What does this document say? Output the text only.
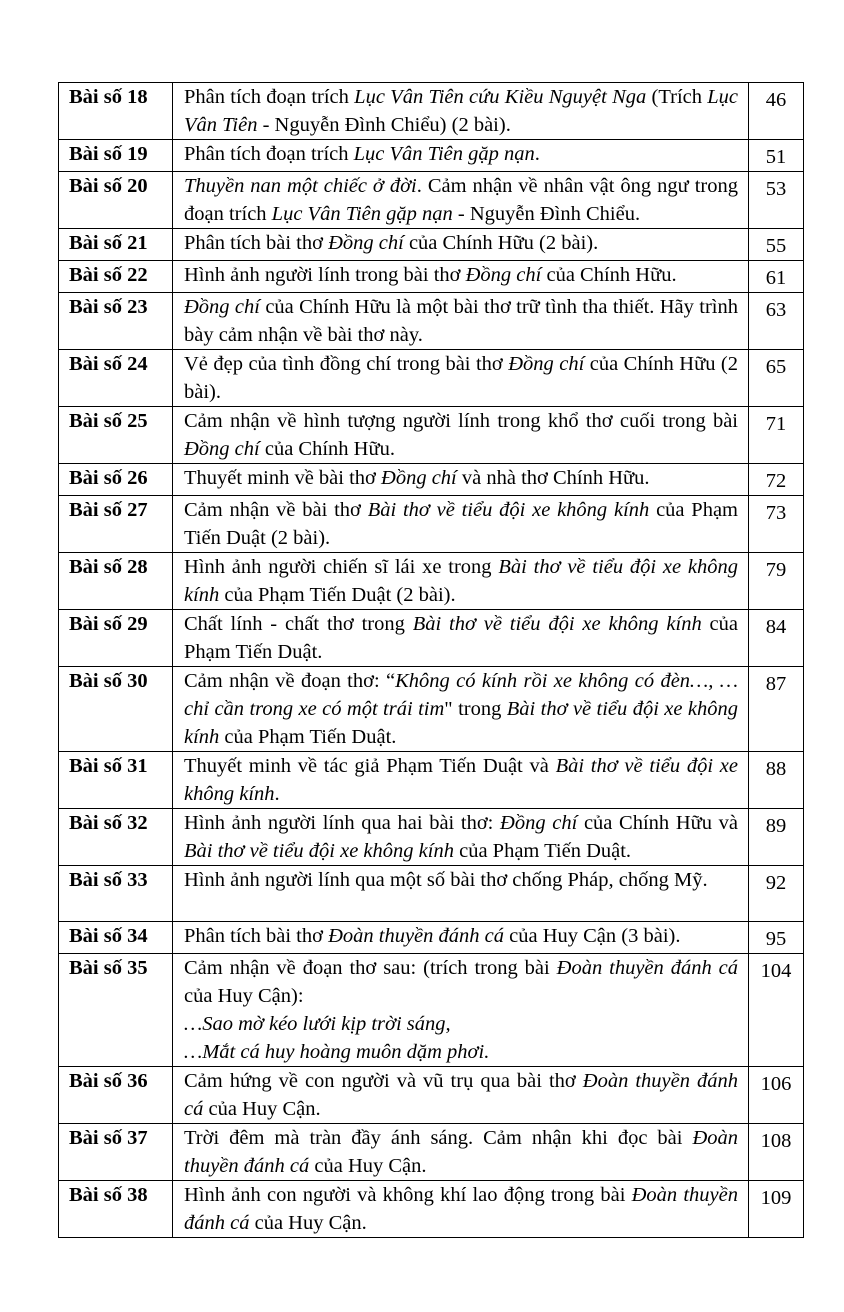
Bài số 18	Phân tích đoạn trích Lục Vân Tiên cứu Kiều Nguyệt Nga (Trích Lục Vân Tiên - Nguyễn Đình Chiểu) (2 bài).	46
Bài số 19	Phân tích đoạn trích Lục Vân Tiên gặp nạn.	51
Bài số 20	Thuyền nan một chiếc ở đời. Cảm nhận về nhân vật ông ngư trong đoạn trích Lục Vân Tiên gặp nạn - Nguyễn Đình Chiểu.	53
Bài số 21	Phân tích bài thơ Đồng chí của Chính Hữu (2 bài).	55
Bài số 22	Hình ảnh người lính trong bài thơ Đồng chí của Chính Hữu.	61
Bài số 23	Đồng chí của Chính Hữu là một bài thơ trữ tình tha thiết. Hãy trình bày cảm nhận về bài thơ này.	63
Bài số 24	Vẻ đẹp của tình đồng chí trong bài thơ Đồng chí của Chính Hữu (2 bài).	65
Bài số 25	Cảm nhận về hình tượng người lính trong khổ thơ cuối trong bài Đồng chí của Chính Hữu.	71
Bài số 26	Thuyết minh về bài thơ Đồng chí và nhà thơ Chính Hữu.	72
Bài số 27	Cảm nhận về bài thơ Bài thơ về tiểu đội xe không kính của Phạm Tiến Duật (2 bài).	73
Bài số 28	Hình ảnh người chiến sĩ lái xe trong Bài thơ về tiểu đội xe không kính của Phạm Tiến Duật (2 bài).	79
Bài số 29	Chất lính - chất thơ trong Bài thơ về tiểu đội xe không kính của Phạm Tiến Duật.	84
Bài số 30	Cảm nhận về đoạn thơ: “Không có kính rồi xe không có đèn…, …chỉ cần trong xe có một trái tim" trong Bài thơ về tiểu đội xe không kính của Phạm Tiến Duật.	87
Bài số 31	Thuyết minh về tác giả Phạm Tiến Duật và Bài thơ về tiểu đội xe không kính.	88
Bài số 32	Hình ảnh người lính qua hai bài thơ: Đồng chí của Chính Hữu và Bài thơ về tiểu đội xe không kính của Phạm Tiến Duật.	89
Bài số 33	Hình ảnh người lính qua một số bài thơ chống Pháp, chống Mỹ.	92
Bài số 34	Phân tích bài thơ Đoàn thuyền đánh cá của Huy Cận (3 bài).	95
Bài số 35	Cảm nhận về đoạn thơ sau: (trích trong bài Đoàn thuyền đánh cá của Huy Cận):
…Sao mờ kéo lưới kịp trời sáng,
…Mắt cá huy hoàng muôn dặm phơi.	104
Bài số 36	Cảm hứng về con người và vũ trụ qua bài thơ Đoàn thuyền đánh cá của Huy Cận.	106
Bài số 37	Trời đêm mà tràn đầy ánh sáng. Cảm nhận khi đọc bài Đoàn thuyền đánh cá của Huy Cận.	108
Bài số 38	Hình ảnh con người và không khí lao động trong bài Đoàn thuyền đánh cá của Huy Cận.	109
